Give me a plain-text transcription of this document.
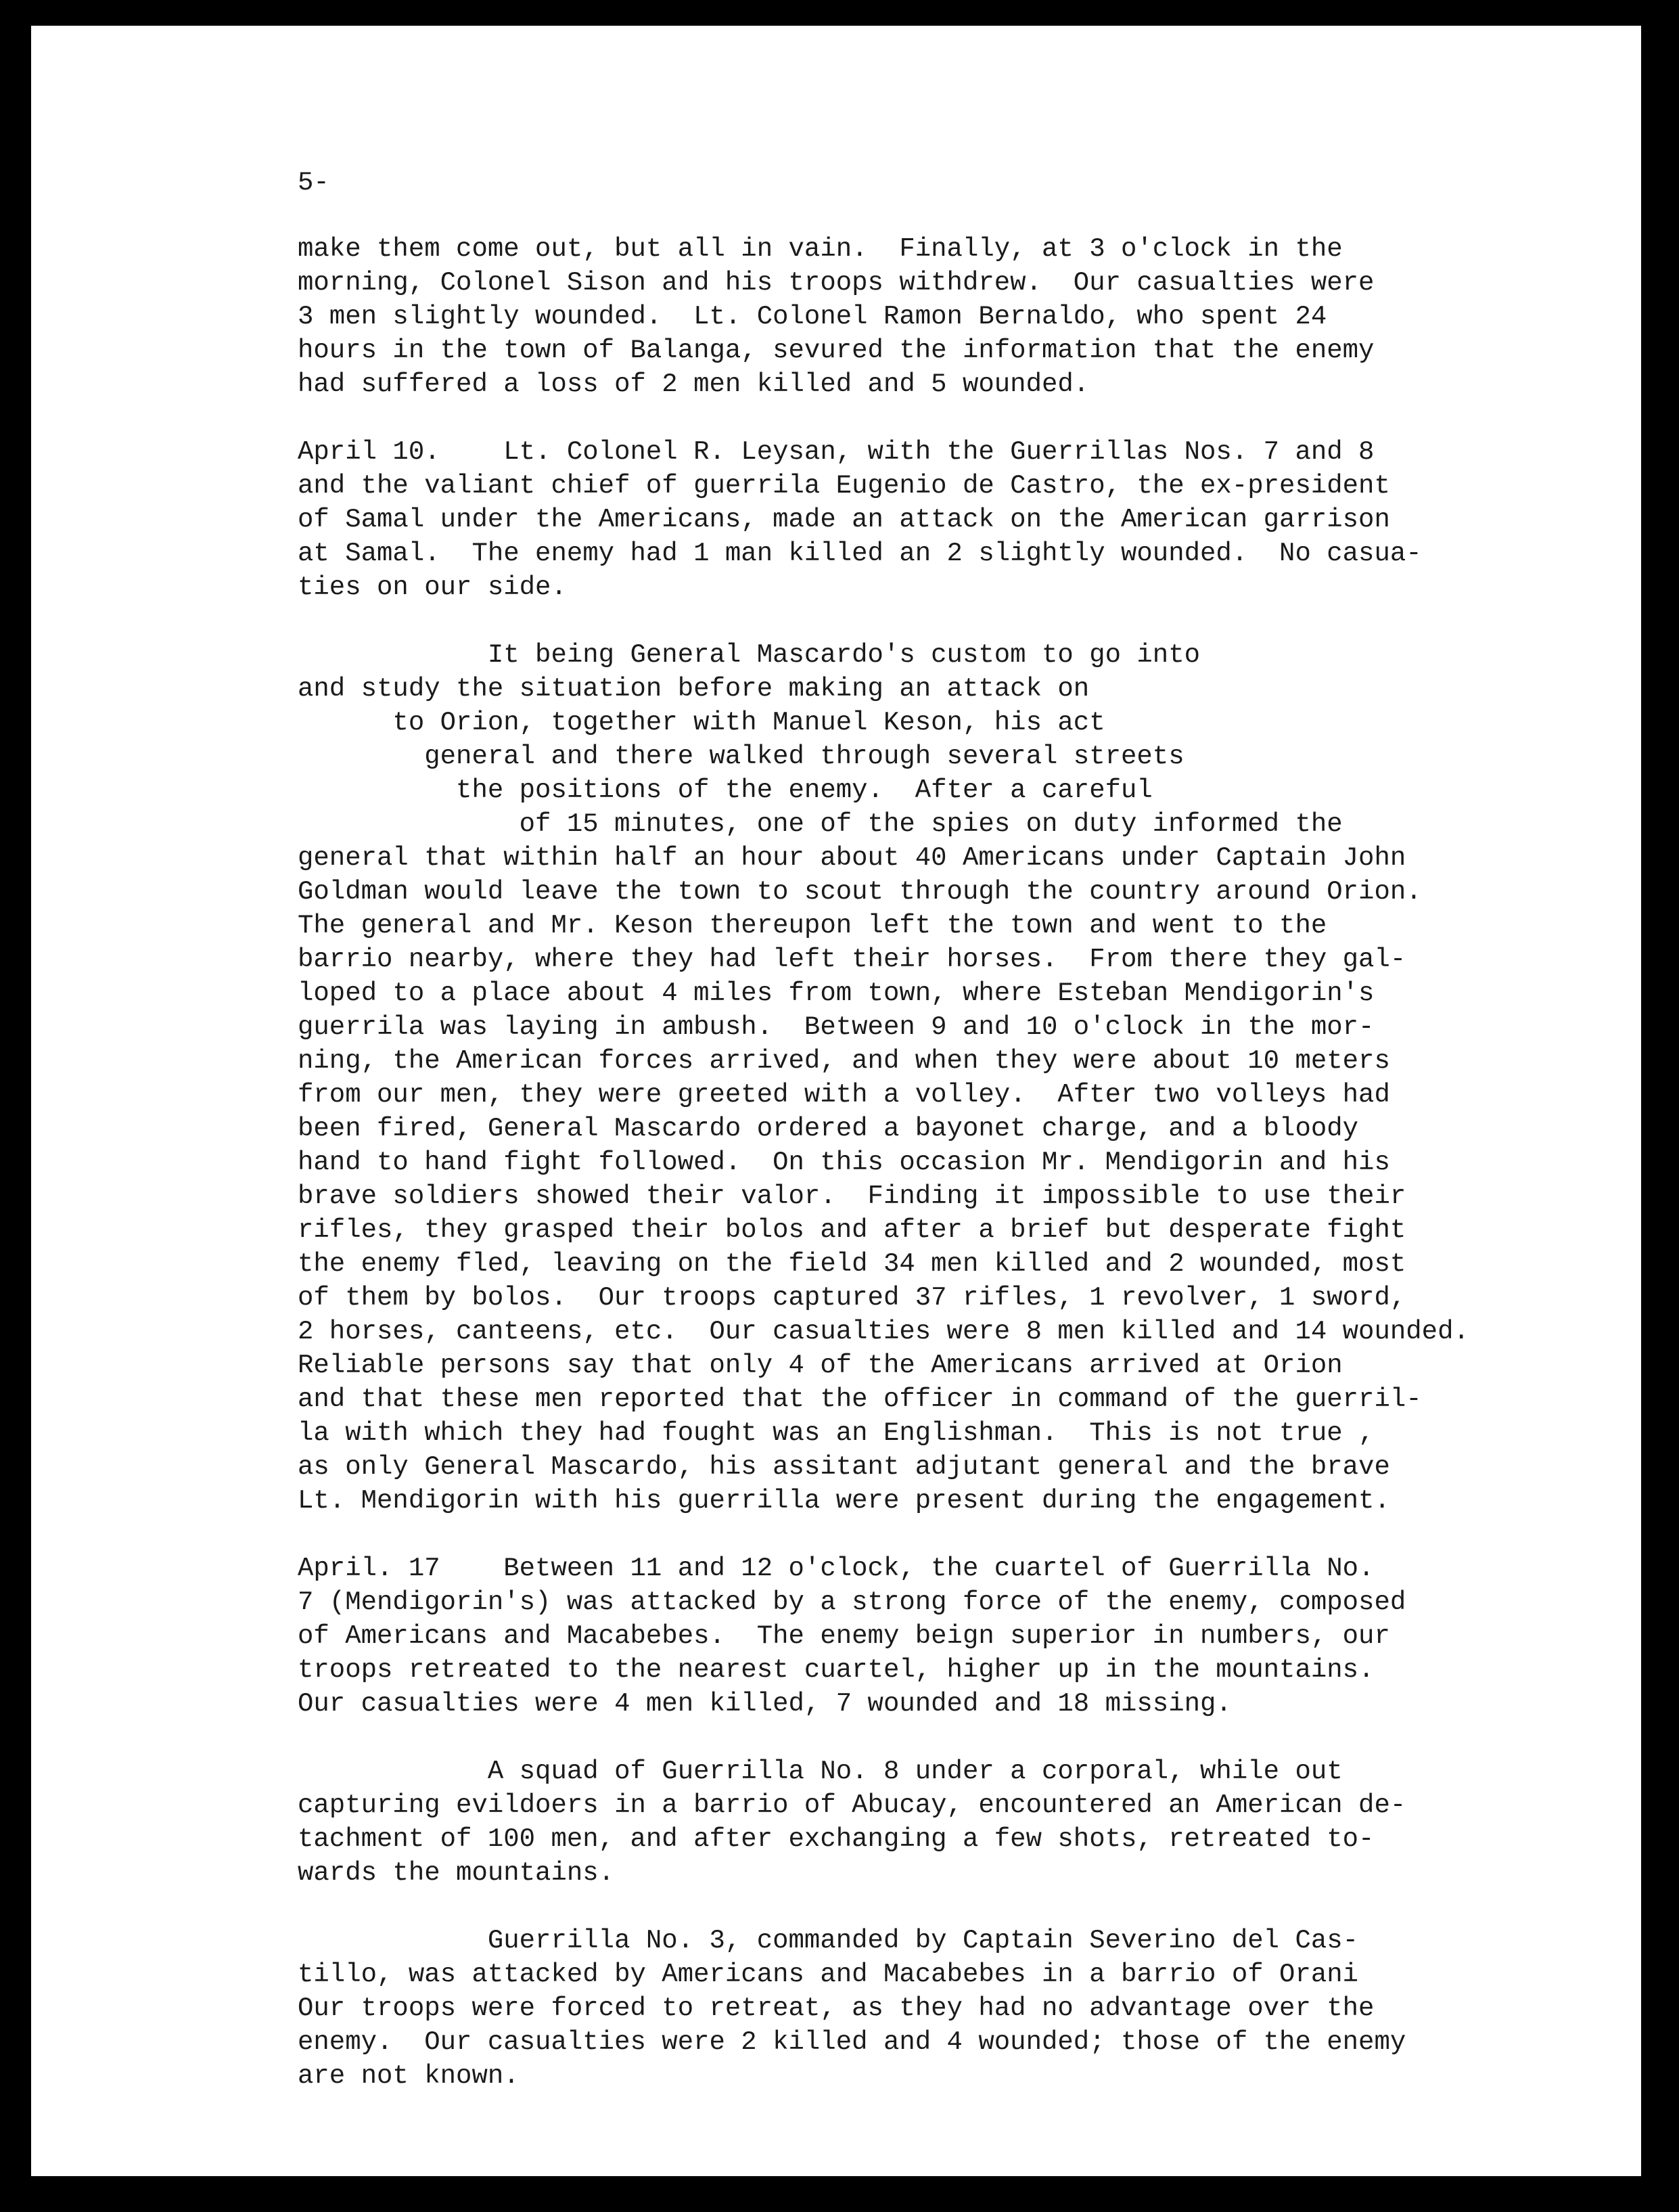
5-
make them come out, but all in vain.  Finally, at 3 o'clock in the
morning, Colonel Sison and his troops withdrew.  Our casualties were
3 men slightly wounded.  Lt. Colonel Ramon Bernaldo, who spent 24
hours in the town of Balanga, sevured the information that the enemy
had suffered a loss of 2 men killed and 5 wounded.
April 10.    Lt. Colonel R. Leysan, with the Guerrillas Nos. 7 and 8
and the valiant chief of guerrila Eugenio de Castro, the ex-president
of Samal under the Americans, made an attack on the American garrison
at Samal.  The enemy had 1 man killed an 2 slightly wounded.  No casua-
ties on our side.
It being General Mascardo's custom to go into
and study the situation before making an attack on
to Orion, together with Manuel Keson, his act
general and there walked through several streets
the positions of the enemy.  After a careful
of 15 minutes, one of the spies on duty informed the
general that within half an hour about 40 Americans under Captain John
Goldman would leave the town to scout through the country around Orion.
The general and Mr. Keson thereupon left the town and went to the
barrio nearby, where they had left their horses.  From there they gal-
loped to a place about 4 miles from town, where Esteban Mendigorin's
guerrila was laying in ambush.  Between 9 and 10 o'clock in the mor-
ning, the American forces arrived, and when they were about 10 meters
from our men, they were greeted with a volley.  After two volleys had
been fired, General Mascardo ordered a bayonet charge, and a bloody
hand to hand fight followed.  On this occasion Mr. Mendigorin and his
brave soldiers showed their valor.  Finding it impossible to use their
rifles, they grasped their bolos and after a brief but desperate fight
the enemy fled, leaving on the field 34 men killed and 2 wounded, most
of them by bolos.  Our troops captured 37 rifles, 1 revolver, 1 sword,
2 horses, canteens, etc.  Our casualties were 8 men killed and 14 wounded.
Reliable persons say that only 4 of the Americans arrived at Orion
and that these men reported that the officer in command of the guerril-
la with which they had fought was an Englishman.  This is not true ,
as only General Mascardo, his assitant adjutant general and the brave
Lt. Mendigorin with his guerrilla were present during the engagement.
April. 17    Between 11 and 12 o'clock, the cuartel of Guerrilla No.
7 (Mendigorin's) was attacked by a strong force of the enemy, composed
of Americans and Macabebes.  The enemy beign superior in numbers, our
troops retreated to the nearest cuartel, higher up in the mountains.
Our casualties were 4 men killed, 7 wounded and 18 missing.
A squad of Guerrilla No. 8 under a corporal, while out
capturing evildoers in a barrio of Abucay, encountered an American de-
tachment of 100 men, and after exchanging a few shots, retreated to-
wards the mountains.
Guerrilla No. 3, commanded by Captain Severino del Cas-
tillo, was attacked by Americans and Macabebes in a barrio of Orani
Our troops were forced to retreat, as they had no advantage over the
enemy.  Our casualties were 2 killed and 4 wounded; those of the enemy
are not known.
